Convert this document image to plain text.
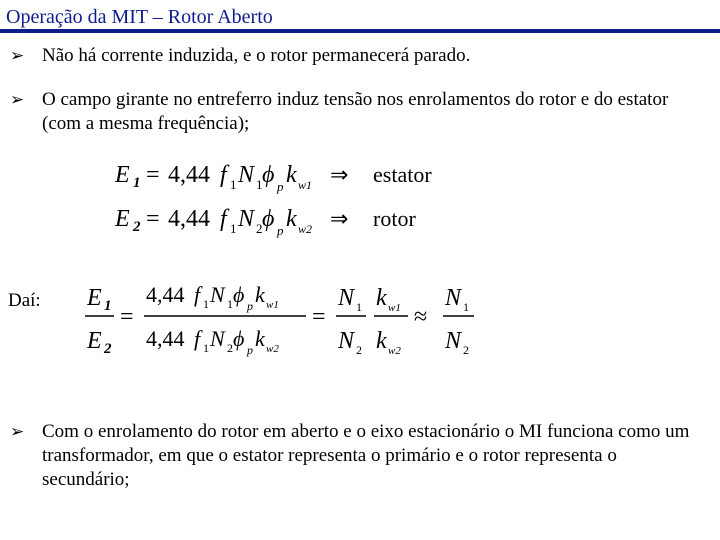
Operação da MIT – Rotor Aberto
➢ Não há corrente induzida, e o rotor permanecerá parado.
➢ O campo girante no entreferro induz tensão nos enrolamentos do rotor e do estator (com a mesma frequência);
E 1 = 4,44 f 1 N 1 ϕ p k w1 ⇒ estator
E 2 = 4,44 f 1 N 2 ϕ p k w2 ⇒ rotor
E 1
E 2
=
4,44 f 1 N 1 ϕ p k w1
4,44 f 1 N 2 ϕ p k w2
=
N 1
N 2
k w1
k w2
≈
N 1
N 2
Daí:
➢ Com o enrolamento do rotor em aberto e o eixo estacionário o MI funciona como um transformador, em que o estator representa o primário e o rotor representa o secundário;
